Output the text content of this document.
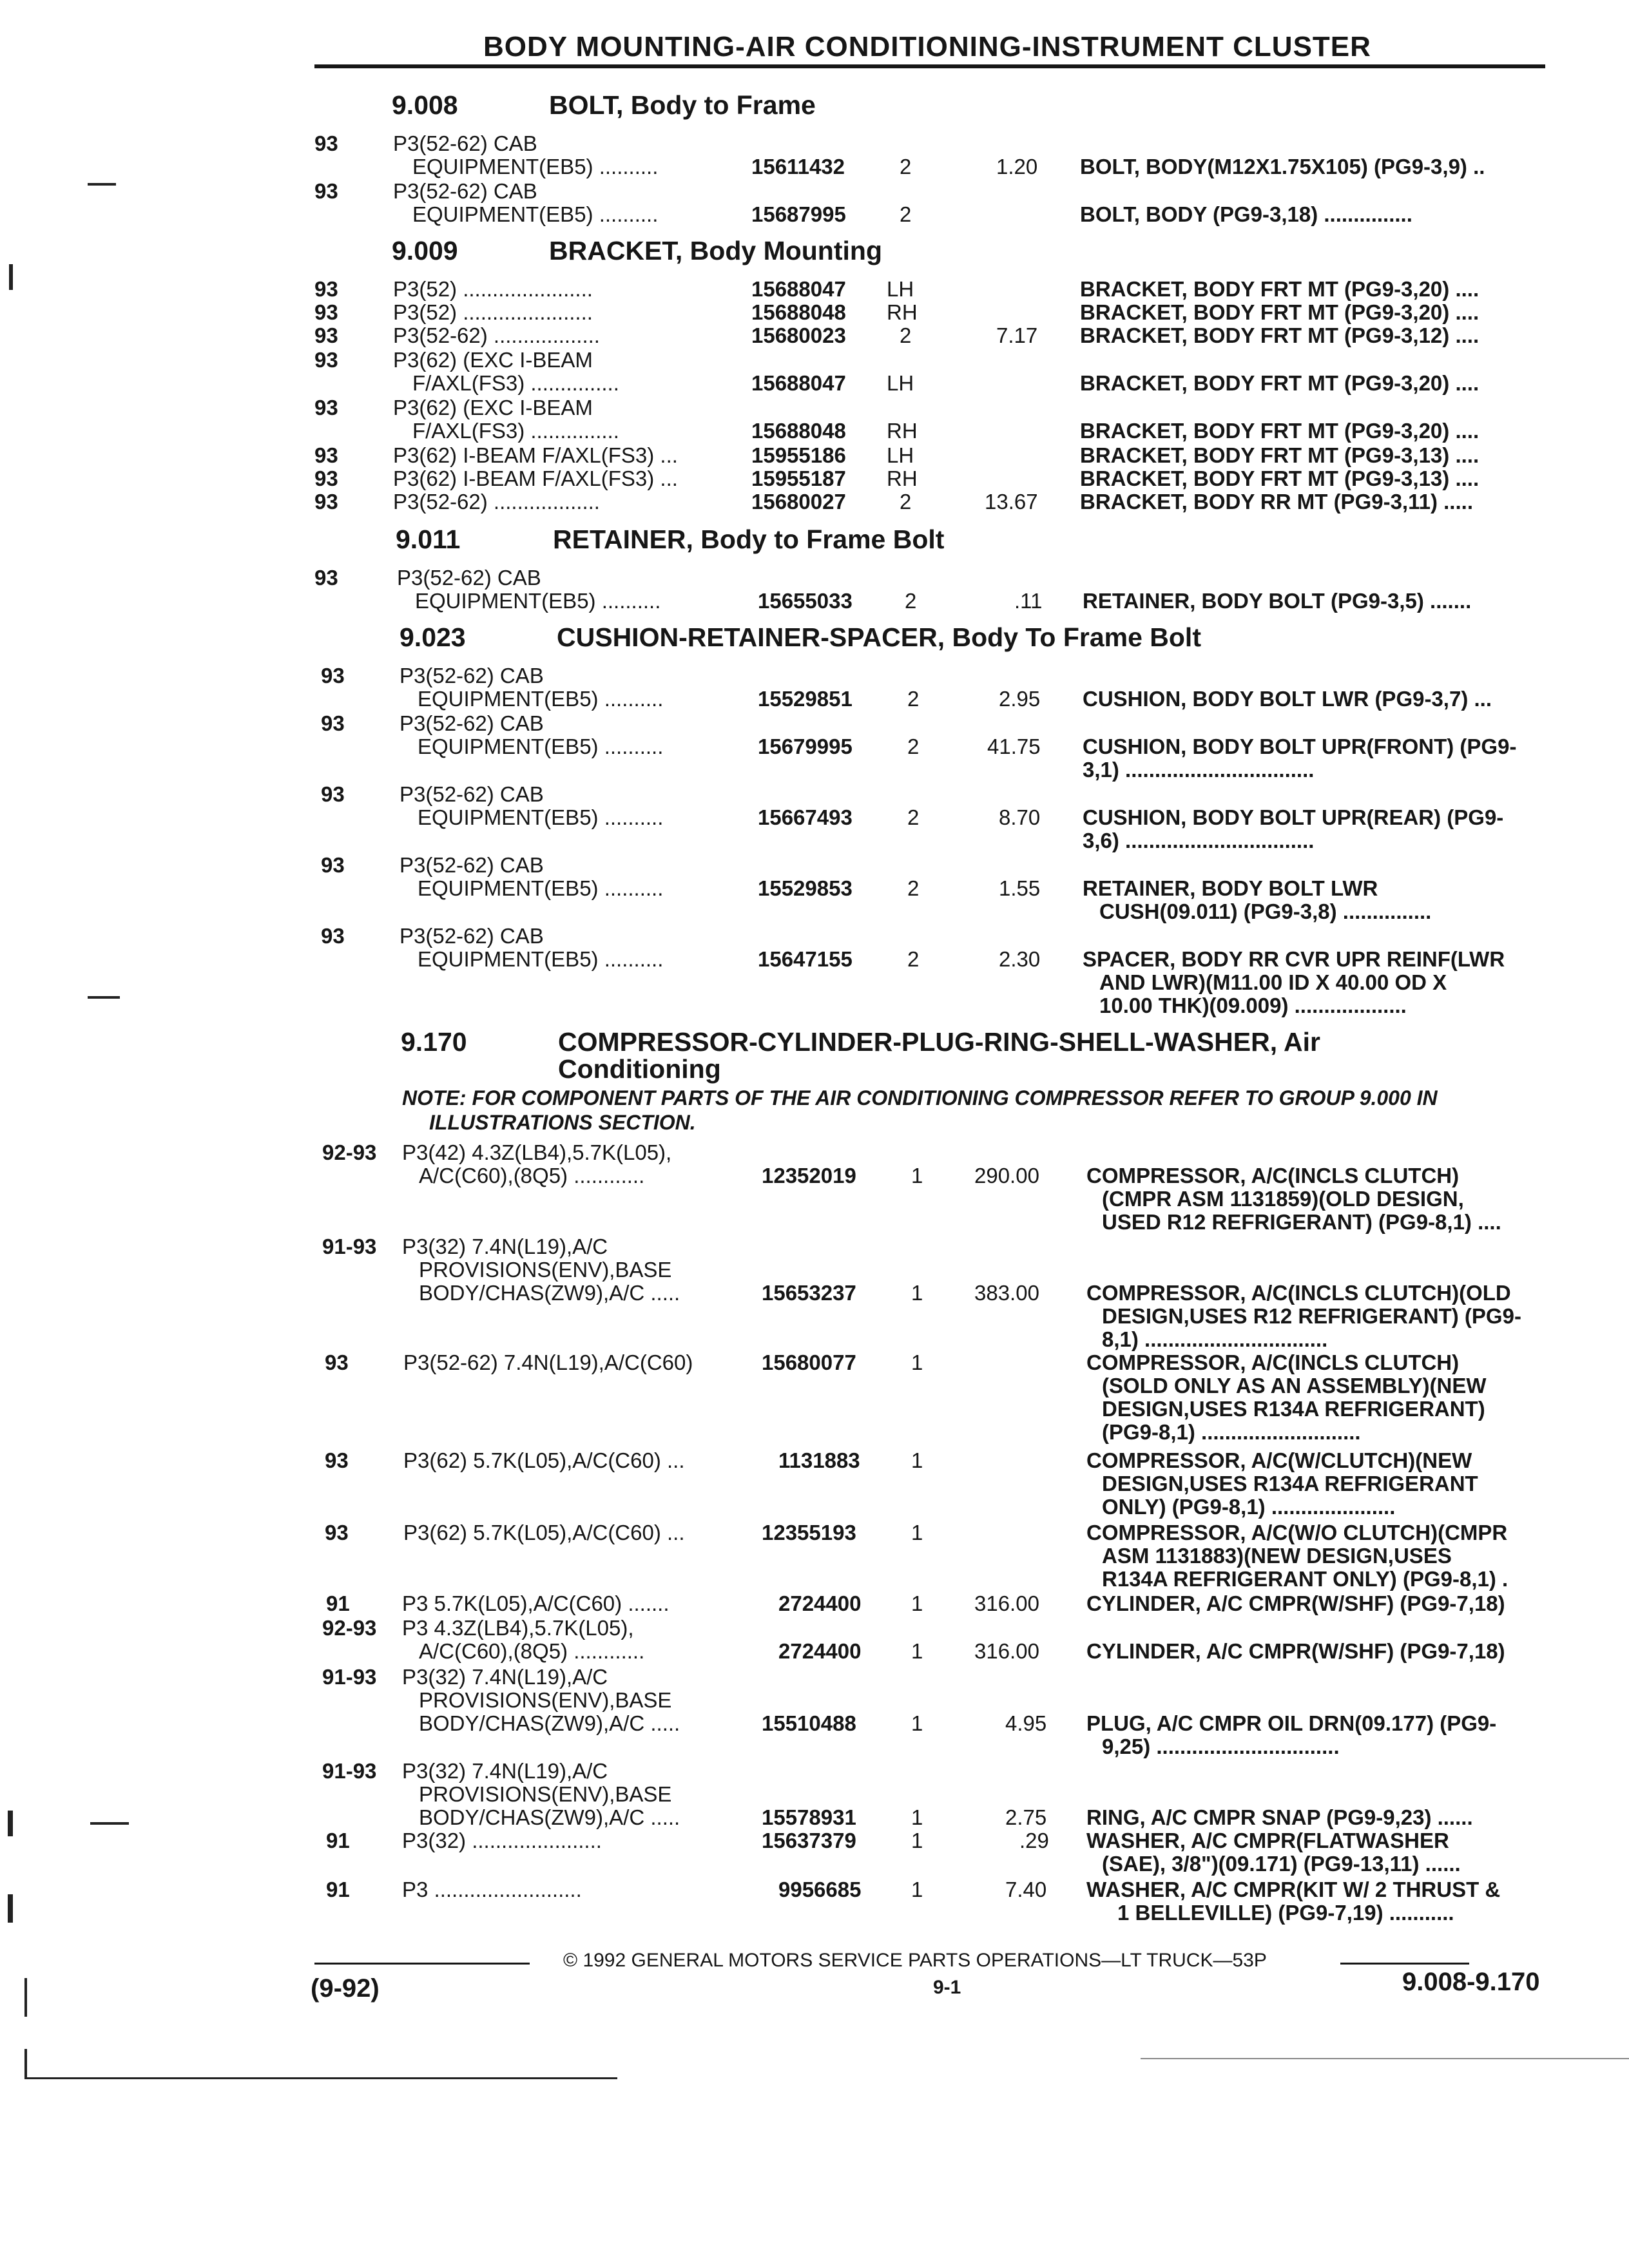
BODY MOUNTING-AIR CONDITIONING-INSTRUMENT CLUSTER
9.008	BOLT, Body to Frame
93	P3(52-62) CAB
EQUIPMENT(EB5) ..........	15611432	2	1.20 BOLT, BODY(M12X1.75X105) (PG9-3,9) ..
93	P3(52-62) CAB
EQUIPMENT(EB5) ..........	15687995	2	BOLT, BODY (PG9-3,18) ...............
9.009	BRACKET, Body Mounting
93	P3(52) ......................	15688047 LH	BRACKET, BODY FRT MT (PG9-3,20) ....
93	P3(52) ......................	15688048 RH	BRACKET, BODY FRT MT (PG9-3,20) ....
93	P3(52-62) ..................	15680023	2	7.17 BRACKET, BODY FRT MT (PG9-3,12) ....
93	P3(62) (EXC I-BEAM
F/AXL(FS3) ...............	15688047 LH	BRACKET, BODY FRT MT (PG9-3,20) ....
93	P3(62) (EXC I-BEAM
F/AXL(FS3) ...............	15688048 RH	BRACKET, BODY FRT MT (PG9-3,20) ....
93	P3(62) I-BEAM F/AXL(FS3) ...	15955186 LH	BRACKET, BODY FRT MT (PG9-3,13) ....
93	P3(62) I-BEAM F/AXL(FS3) ...	15955187 RH	BRACKET, BODY FRT MT (PG9-3,13) ....
93	P3(52-62) ..................	15680027	2	13.67 BRACKET, BODY RR MT (PG9-3,11) .....
9.011	RETAINER, Body to Frame Bolt
93	P3(52-62) CAB
EQUIPMENT(EB5) ..........	15655033 2	.11 RETAINER, BODY BOLT (PG9-3,5) .......
9.023	CUSHION-RETAINER-SPACER, Body To Frame Bolt
93	P3(52-62) CAB
EQUIPMENT(EB5) ..........	15529851	2	2.95 CUSHION, BODY BOLT LWR (PG9-3,7) ...
93	P3(52-62) CAB
EQUIPMENT(EB5) ..........	15679995	2	41.75 CUSHION, BODY BOLT UPR(FRONT) (PG9-
3,1) ................................
93	P3(52-62) CAB
EQUIPMENT(EB5) ..........	15667493	2	8.70 CUSHION, BODY BOLT UPR(REAR) (PG9-
3,6) ................................
93	P3(52-62) CAB
EQUIPMENT(EB5) ..........	15529853	2	1.55 RETAINER, BODY BOLT LWR
CUSH(09.011) (PG9-3,8) ...............
93	P3(52-62) CAB
EQUIPMENT(EB5) ..........	15647155	2	2.30 SPACER, BODY RR CVR UPR REINF(LWR
AND LWR)(M11.00 ID X 40.00 OD X
10.00 THK)(09.009) ...................
9.170	COMPRESSOR-CYLINDER-PLUG-RING-SHELL-WASHER, Air
Conditioning
NOTE: FOR COMPONENT PARTS OF THE AIR CONDITIONING COMPRESSOR REFER TO GROUP 9.000 IN
ILLUSTRATIONS SECTION.
92-93 P3(42) 4.3Z(LB4),5.7K(L05),
A/C(C60),(8Q5) ............	12352019	1 290.00 COMPRESSOR, A/C(INCLS CLUTCH)
(CMPR ASM 1131859)(OLD DESIGN,
USED R12 REFRIGERANT) (PG9-8,1) ....
91-93 P3(32) 7.4N(L19),A/C
PROVISIONS(ENV),BASE
BODY/CHAS(ZW9),A/C .....	15653237	1 383.00 COMPRESSOR, A/C(INCLS CLUTCH)(OLD
DESIGN,USES R12 REFRIGERANT) (PG9-
8,1) ...............................
93	P3(52-62) 7.4N(L19),A/C(C60)	15680077	1	COMPRESSOR, A/C(INCLS CLUTCH)
(SOLD ONLY AS AN ASSEMBLY)(NEW
DESIGN,USES R134A REFRIGERANT)
(PG9-8,1) ...........................
93	P3(62) 5.7K(L05),A/C(C60) ...	1131883 1	COMPRESSOR, A/C(W/CLUTCH)(NEW
DESIGN,USES R134A REFRIGERANT
ONLY) (PG9-8,1) .....................
93	P3(62) 5.7K(L05),A/C(C60) ...	12355193	1	COMPRESSOR, A/C(W/O CLUTCH)(CMPR
ASM 1131883)(NEW DESIGN,USES
R134A REFRIGERANT ONLY) (PG9-8,1) .
91 P3 5.7K(L05),A/C(C60) .......	2724400 1 316.00 CYLINDER, A/C CMPR(W/SHF) (PG9-7,18)
92-93 P3 4.3Z(LB4),5.7K(L05),
A/C(C60),(8Q5) ............	2724400 1 316.00 CYLINDER, A/C CMPR(W/SHF) (PG9-7,18)
91-93 P3(32) 7.4N(L19),A/C
PROVISIONS(ENV),BASE
BODY/CHAS(ZW9),A/C .....	15510488	1	4.95 PLUG, A/C CMPR OIL DRN(09.177) (PG9-
9,25) ...............................
91-93 P3(32) 7.4N(L19),A/C
PROVISIONS(ENV),BASE
BODY/CHAS(ZW9),A/C .....	15578931	1	2.75 RING, A/C CMPR SNAP (PG9-9,23) ......
91 P3(32) ......................	15637379	1	.29 WASHER, A/C CMPR(FLATWASHER
(SAE), 3/8")(09.171) (PG9-13,11) ......
91 P3 .........................	9956685 1	7.40 WASHER, A/C CMPR(KIT W/ 2 THRUST &
1 BELLEVILLE) (PG9-7,19) ...........
© 1992 GENERAL MOTORS SERVICE PARTS OPERATIONS—LT TRUCK—53P
(9-92)	9-1	9.008-9.170
